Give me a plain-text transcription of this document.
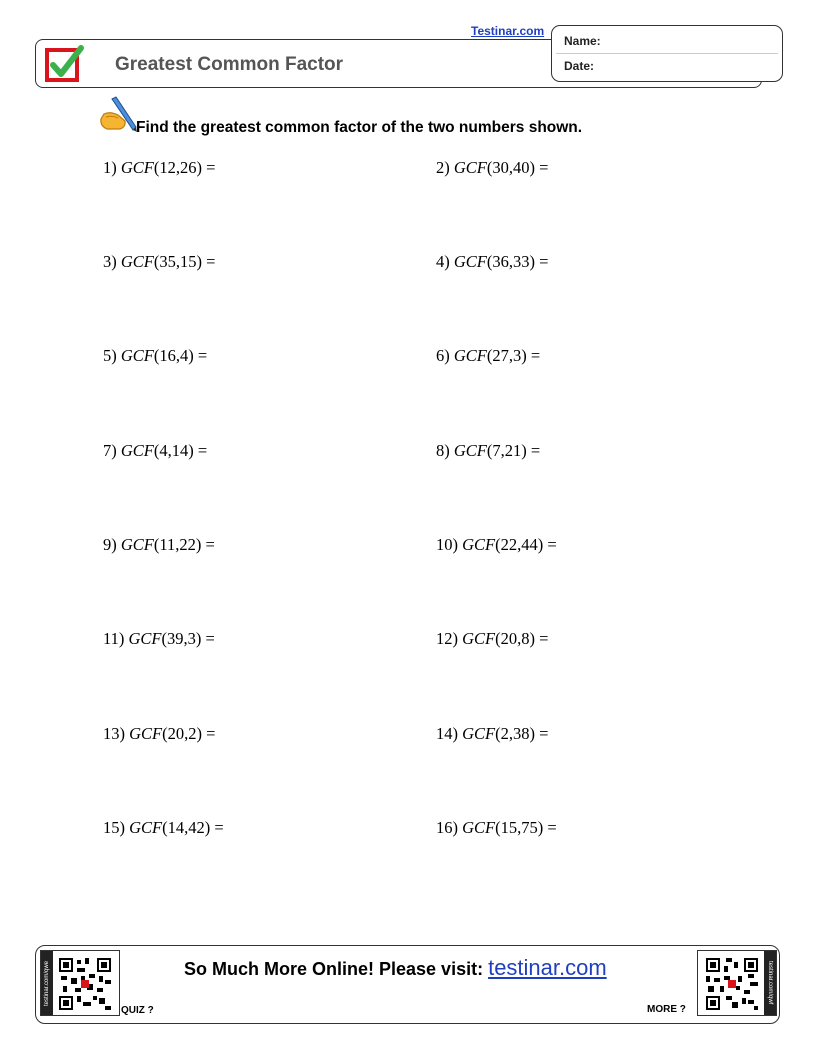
Greatest Common Factor
Testinar.com
Name:
Date:
Find the greatest common factor of the two numbers shown.
1) GCF(12,26) =	2) GCF(30,40) =
3) GCF(35,15) =	4) GCF(36,33) =
5) GCF(16,4) =	6) GCF(27,3) =
7) GCF(4,14) =	8) GCF(7,21) =
9) GCF(11,22) =	10) GCF(22,44) =
11) GCF(39,3) =	12) GCF(20,8) =
13) GCF(20,2) =	14) GCF(2,38) =
15) GCF(14,42) =	16) GCF(15,75) =
testinar.com/qwe
QUIZ ?
So Much More Online! Please visit: testinar.com
MORE ?
testinar.com/qwf
